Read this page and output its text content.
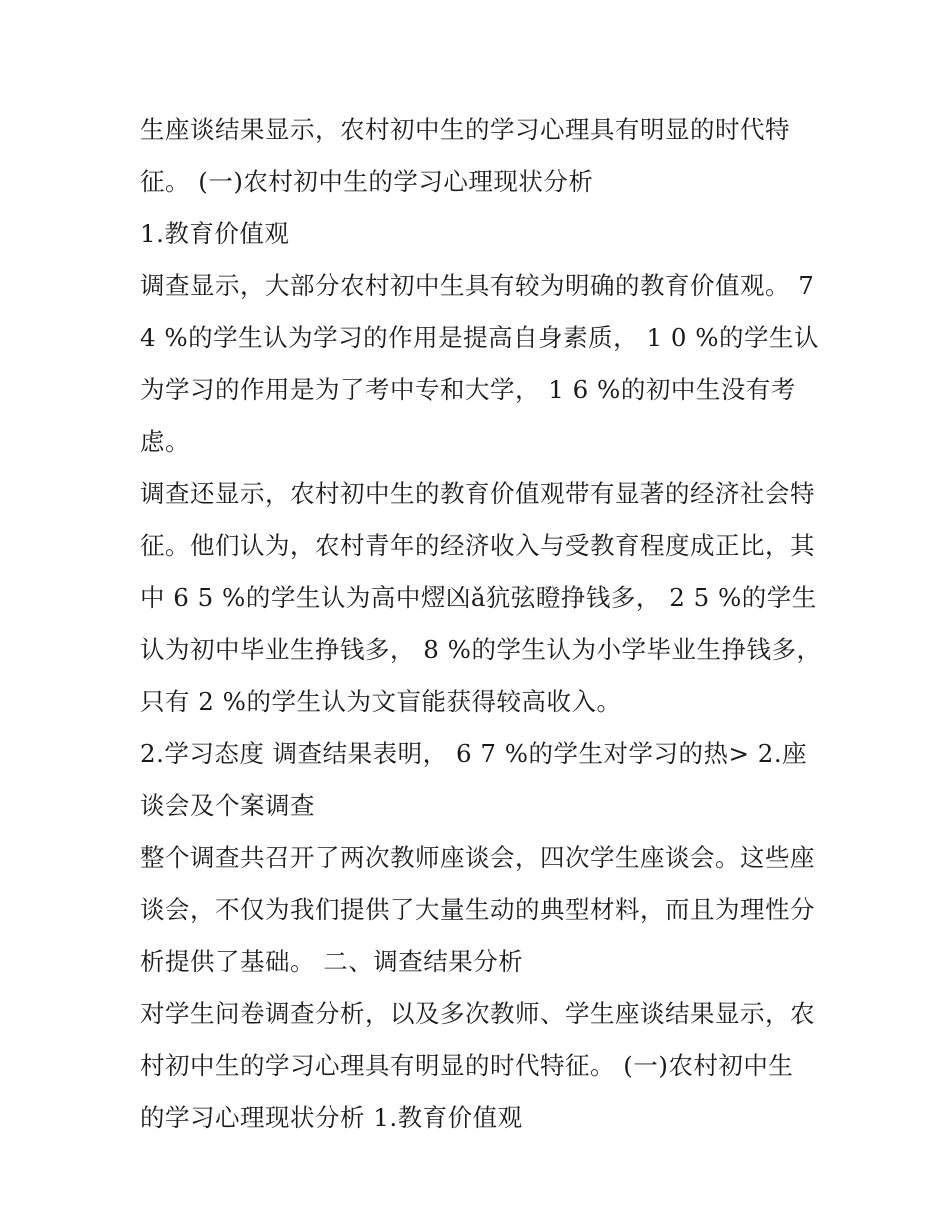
生座谈结果显示，农村初中生的学习心理具有明显的时代特
征。 (一)农村初中生的学习心理现状分析
1.教育价值观
调查显示，大部分农村初中生具有较为明确的教育价值观。 7
4 %的学生认为学习的作用是提高自身素质， 1 0 %的学生认
为学习的作用是为了考中专和大学， 1 6 %的初中生没有考
虑。
调查还显示，农村初中生的教育价值观带有显著的经济社会特
征。他们认为，农村青年的经济收入与受教育程度成正比，其
中 6 5 %的学生认为高中熤凶ǎ犺弦瞪挣钱多， 2 5 %的学生
认为初中毕业生挣钱多， 8 %的学生认为小学毕业生挣钱多，
只有 2 %的学生认为文盲能获得较高收入。
2.学习态度 调查结果表明， 6 7 %的学生对学习的热> 2.座
谈会及个案调查
整个调查共召开了两次教师座谈会，四次学生座谈会。这些座
谈会，不仅为我们提供了大量生动的典型材料，而且为理性分
析提供了基础。 二、调查结果分析
对学生问卷调查分析，以及多次教师、学生座谈结果显示，农
村初中生的学习心理具有明显的时代特征。 (一)农村初中生
的学习心理现状分析 1.教育价值观
